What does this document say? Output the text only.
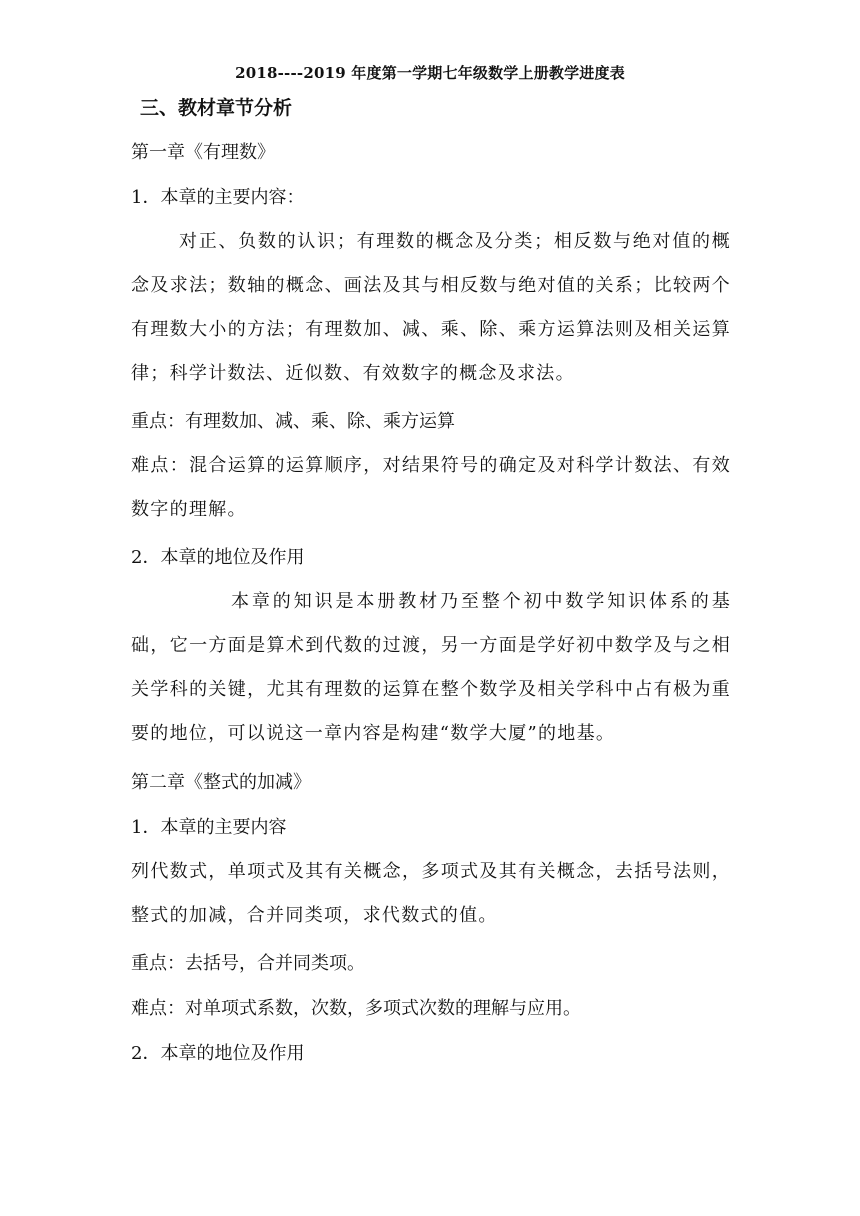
2018----2019 年度第一学期七年级数学上册教学进度表
三、教材章节分析
第一章《有理数》
1．本章的主要内容：
对正、负数的认识；有理数的概念及分类；相反数与绝对值的概念及求法；数轴的概念、画法及其与相反数与绝对值的关系；比较两个有理数大小的方法；有理数加、减、乘、除、乘方运算法则及相关运算律；科学计数法、近似数、有效数字的概念及求法。
重点：有理数加、减、乘、除、乘方运算
难点：混合运算的运算顺序，对结果符号的确定及对科学计数法、有效数字的理解。
2．本章的地位及作用
本章的知识是本册教材乃至整个初中数学知识体系的基础，它一方面是算术到代数的过渡，另一方面是学好初中数学及与之相关学科的关键，尤其有理数的运算在整个数学及相关学科中占有极为重要的地位，可以说这一章内容是构建“数学大厦”的地基。
第二章《整式的加减》
1．本章的主要内容
列代数式，单项式及其有关概念，多项式及其有关概念，去括号法则，整式的加减，合并同类项，求代数式的值。
重点：去括号，合并同类项。
难点：对单项式系数，次数，多项式次数的理解与应用。
2．本章的地位及作用
